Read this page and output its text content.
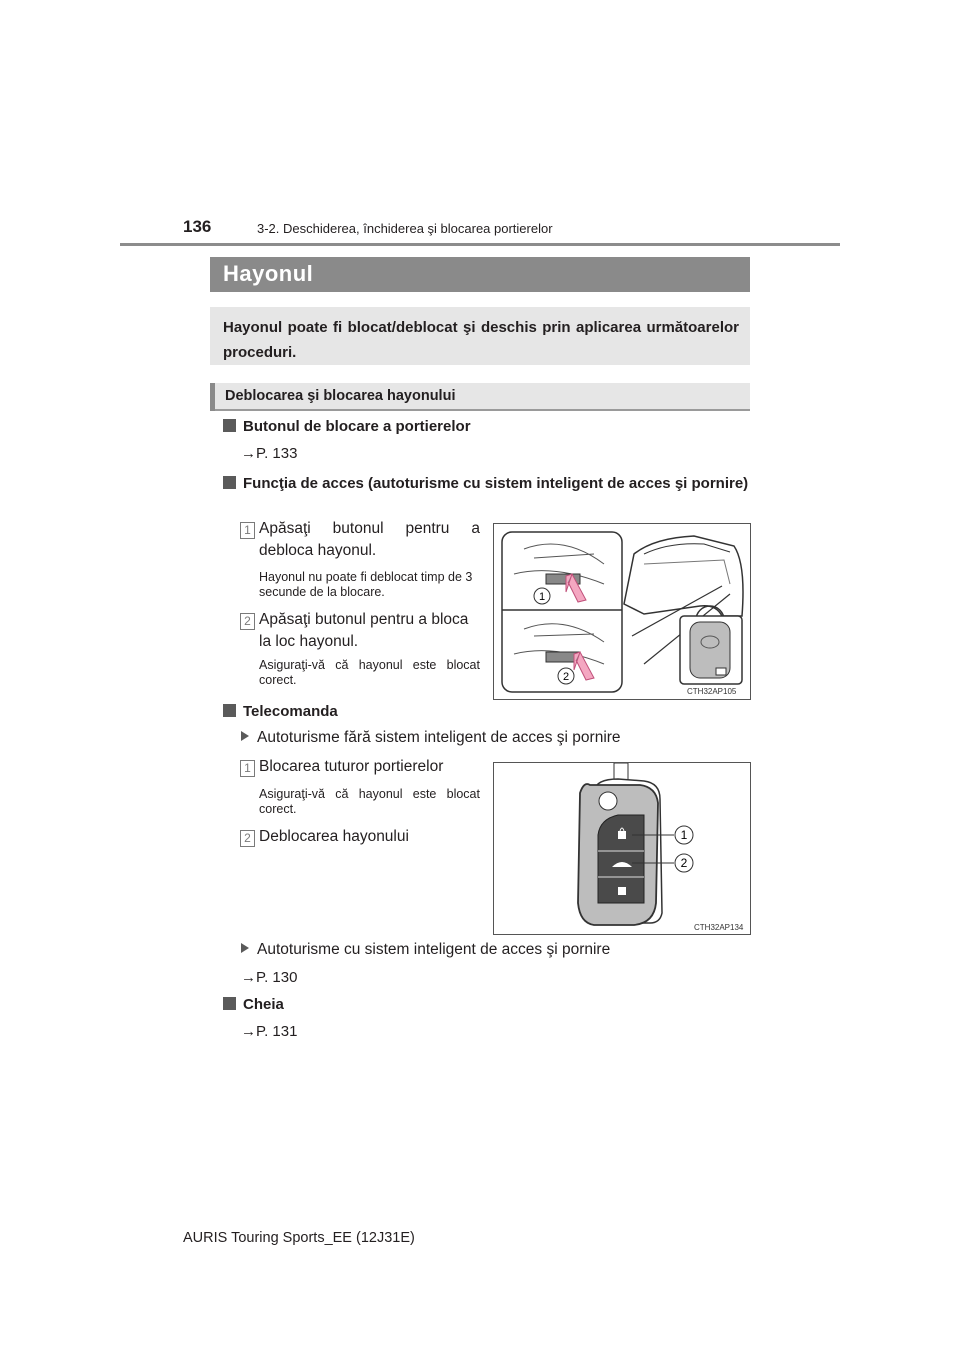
136	3-2. Deschiderea, închiderea şi blocarea portierelor
Hayonul

Hayonul poate fi blocat/deblocat şi deschis prin aplicarea următoarelor proceduri.

Deblocarea şi blocarea hayonului
Butonul de blocare a portierelor
→P. 133
Funcţia de acces (autoturisme cu sistem inteligent de acces şi pornire)
1 Apăsaţi butonul pentru a debloca hayonul.
Hayonul nu poate fi deblocat timp de 3 secunde de la blocare.
2 Apăsaţi butonul pentru a bloca la loc hayonul.
Asiguraţi-vă că hayonul este blocat corect.
1
2
CTH32AP105
Telecomanda
Autoturisme fără sistem inteligent de acces şi pornire
1 Blocarea tuturor portierelor
Asiguraţi-vă că hayonul este blocat corect.
2 Deblocarea hayonului	1
2
CTH32AP134
Autoturisme cu sistem inteligent de acces şi pornire
→P. 130
Cheia
→P. 131
AURIS Touring Sports_EE (12J31E)
